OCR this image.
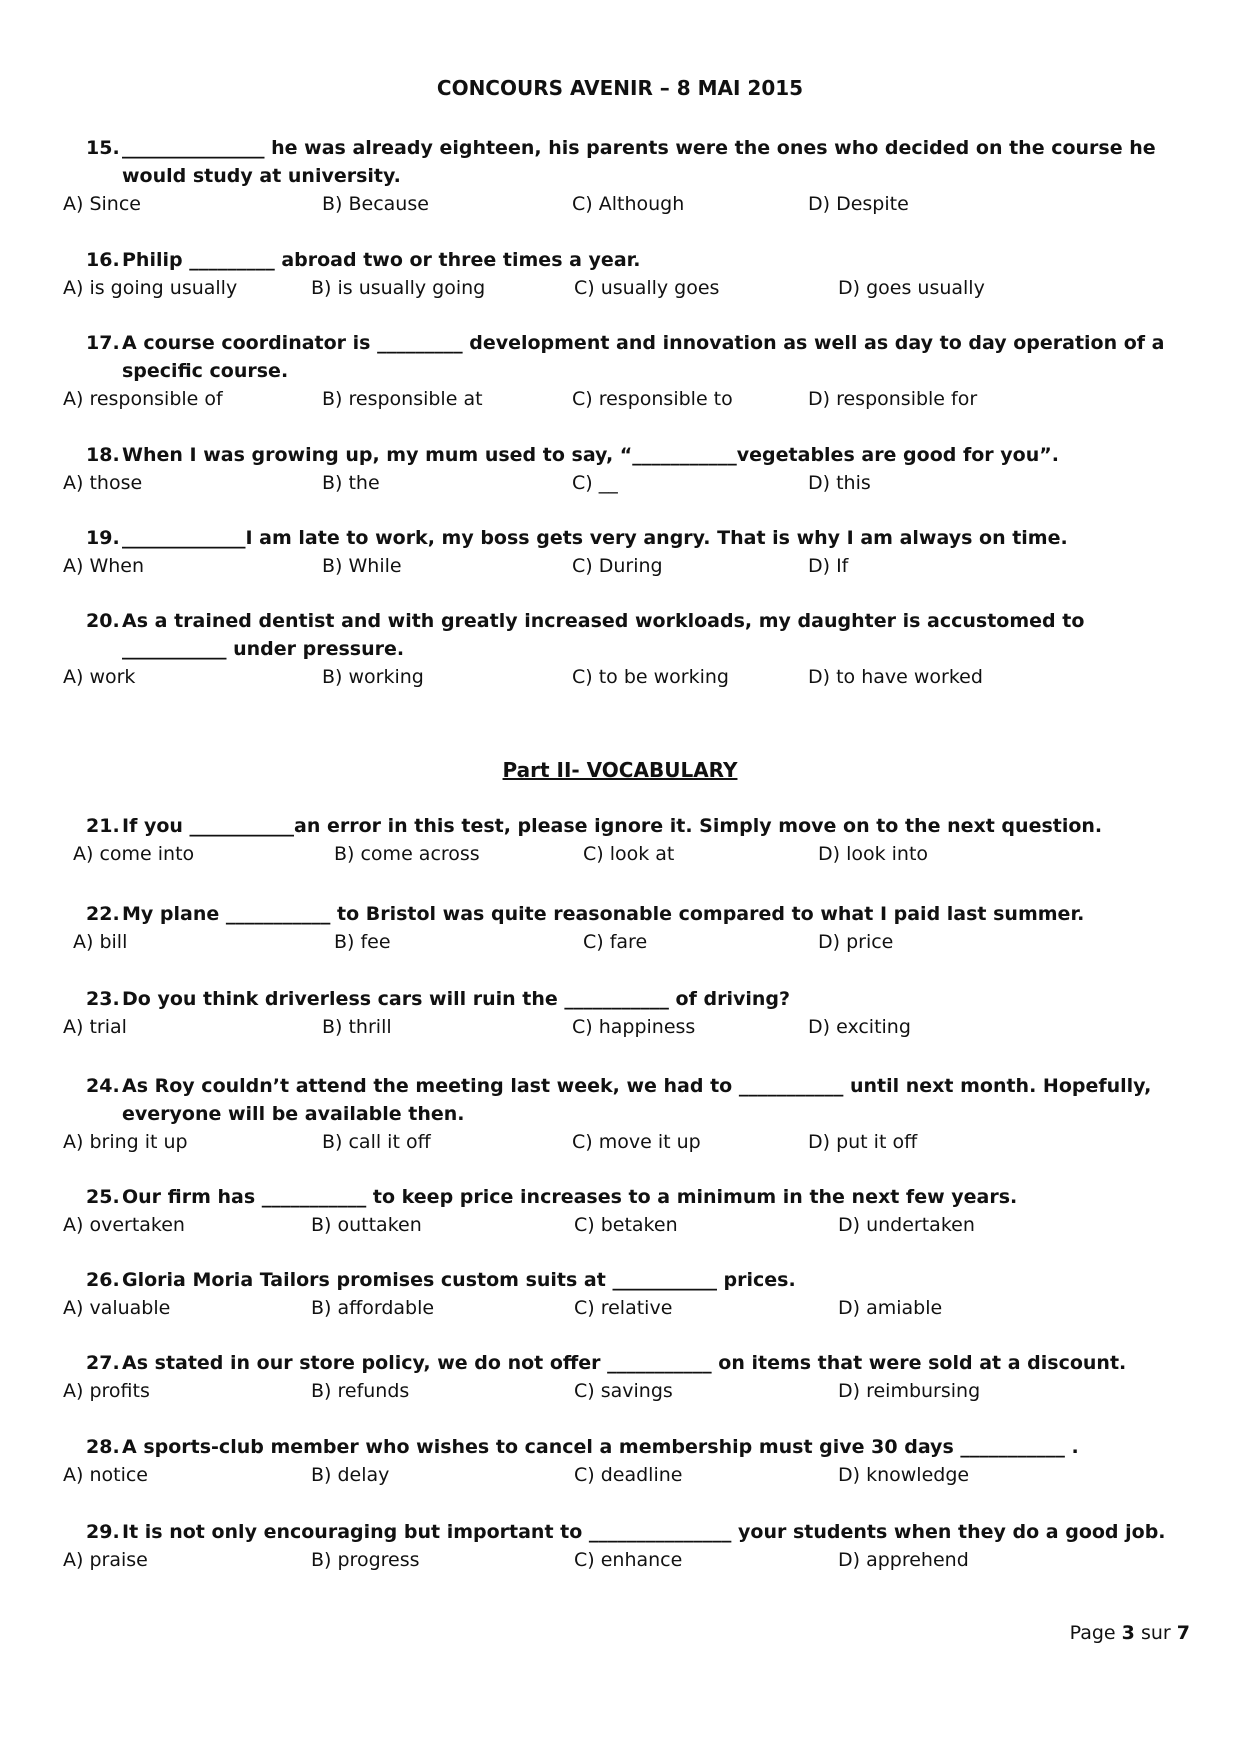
CONCOURS AVENIR – 8 MAI 2015
15. _______________ he was already eighteen, his parents were the ones who decided on the course he would study at university.
A) Since	B) Because	C) Although	D) Despite
16. Philip _________ abroad two or three times a year.
A) is going usually	B) is usually going	C) usually goes	D) goes usually
17. A course coordinator is _________ development and innovation as well as day to day operation of a specific course.
A) responsible of	B) responsible at	C) responsible to	D) responsible for
18. When I was growing up, my mum used to say, “___________vegetables are good for you”.
A) those	B) the	C) __	D) this
19. _____________I am late to work, my boss gets very angry. That is why I am always on time.
A) When	B) While	C) During	D) If
20. As a trained dentist and with greatly increased workloads, my daughter is accustomed to ___________ under pressure.
A) work	B) working	C) to be working	D) to have worked
Part II- VOCABULARY
21. If you ___________an error in this test, please ignore it. Simply move on to the next question.
A) come into	B) come across	C) look at	D) look into
22. My plane ___________ to Bristol was quite reasonable compared to what I paid last summer.
A) bill	B) fee	C) fare	D) price
23. Do you think driverless cars will ruin the ___________ of driving?
A) trial	B) thrill	C) happiness	D) exciting
24. As Roy couldn’t attend the meeting last week, we had to ___________ until next month. Hopefully, everyone will be available then.
A) bring it up	B) call it off	C) move it up	D) put it off
25. Our firm has ___________ to keep price increases to a minimum in the next few years.
A) overtaken	B) outtaken	C) betaken	D) undertaken
26. Gloria Moria Tailors promises custom suits at ___________ prices.
A) valuable	B) affordable	C) relative	D) amiable
27. As stated in our store policy, we do not offer ___________ on items that were sold at a discount.
A) profits	B) refunds	C) savings	D) reimbursing
28. A sports-club member who wishes to cancel a membership must give 30 days ___________ .
A) notice	B) delay	C) deadline	D) knowledge
29. It is not only encouraging but important to _______________ your students when they do a good job.
A) praise	B) progress	C) enhance	D) apprehend
Page 3 sur 7
